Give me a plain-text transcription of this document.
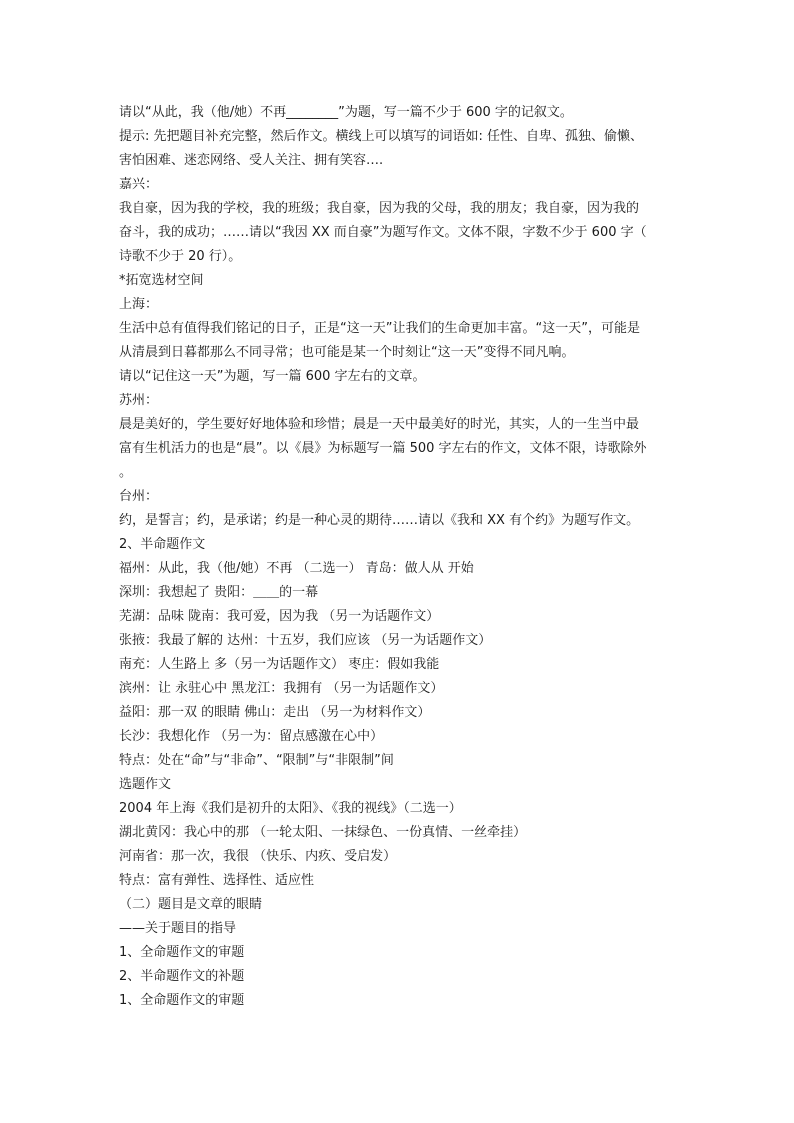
请以“从此，我（他/她）不再________”为题，写一篇不少于 600 字的记叙文。

提示: 先把题目补充完整，然后作文。横线上可以填写的词语如: 任性、自卑、孤独、偷懒、

害怕困难、迷恋网络、受人关注、拥有笑容….

嘉兴：

我自豪，因为我的学校，我的班级；我自豪，因为我的父母，我的朋友；我自豪，因为我的

奋斗，我的成功；……请以“我因 XX 而自豪”为题写作文。文体不限，字数不少于 600 字（

诗歌不少于 20 行）。

*拓宽选材空间

上海：

生活中总有值得我们铭记的日子，正是“这一天”让我们的生命更加丰富。“这一天”，可能是

从清晨到日暮都那么不同寻常；也可能是某一个时刻让“这一天”变得不同凡响。

请以“记住这一天”为题，写一篇 600 字左右的文章。

苏州：

晨是美好的，学生要好好地体验和珍惜；晨是一天中最美好的时光，其实，人的一生当中最

富有生机活力的也是“晨”。以《晨》为标题写一篇 500 字左右的作文，文体不限，诗歌除外

。

台州：

约，是誓言；约，是承诺；约是一种心灵的期待……请以《我和 XX 有个约》为题写作文。

2、半命题作文

福州：从此，我（他/她）不再 （二选一） 青岛：做人从 开始

深圳：我想起了 贵阳：＿＿的一幕

芜湖：品味 陇南：我可爱，因为我 （另一为话题作文）

张掖：我最了解的 达州：十五岁，我们应该 （另一为话题作文）

南充：人生路上 多（另一为话题作文） 枣庄：假如我能

滨州：让 永驻心中 黑龙江：我拥有 （另一为话题作文）

益阳：那一双 的眼睛 佛山：走出 （另一为材料作文）

长沙：我想化作 （另一为：留点感激在心中）

特点：处在“命”与“非命”、“限制”与“非限制”间

选题作文

2004 年上海《我们是初升的太阳》、《我的视线》（二选一）

湖北黄冈：我心中的那 （一轮太阳、一抹绿色、一份真情、一丝牵挂）

河南省：那一次，我很 （快乐、内疚、受启发）

特点：富有弹性、选择性、适应性

（二）题目是文章的眼睛

——关于题目的指导

1、全命题作文的审题

2、半命题作文的补题

1、全命题作文的审题
